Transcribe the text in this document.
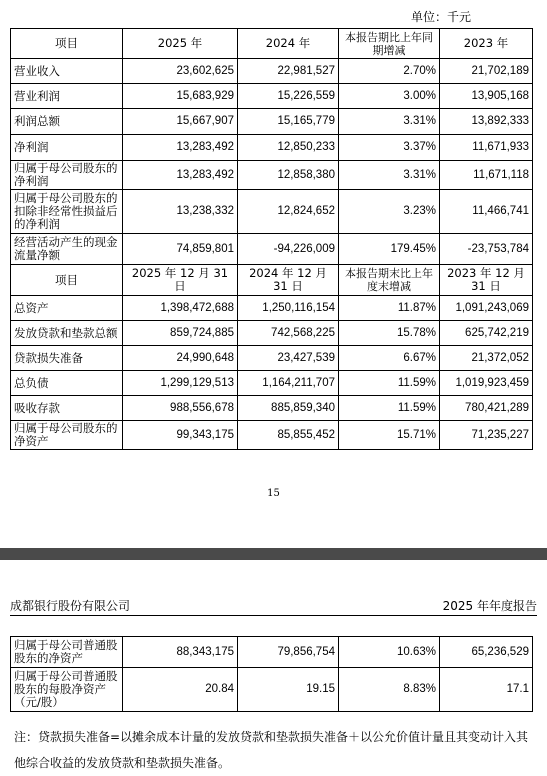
单位：千元
项目	2025 年	2024 年	本报告期比上年同期增减	2023 年
营业收入	23,602,625	22,981,527	2.70%	21,702,189
营业利润	15,683,929	15,226,559	3.00%	13,905,168
利润总额	15,667,907	15,165,779	3.31%	13,892,333
净利润	13,283,492	12,850,233	3.37%	11,671,933
归属于母公司股东的净利润	13,283,492	12,858,380	3.31%	11,671,118
归属于母公司股东的扣除非经常性损益后的净利润	13,238,332	12,824,652	3.23%	11,466,741
经营活动产生的现金流量净额	74,859,801	-94,226,009	179.45%	-23,753,784
项目	2025 年 12 月 31 日	2024 年 12 月 31 日	本报告期末比上年度末增减	2023 年 12 月 31 日
总资产	1,398,472,688	1,250,116,154	11.87%	1,091,243,069
发放贷款和垫款总额	859,724,885	742,568,225	15.78%	625,742,219
贷款损失准备	24,990,648	23,427,539	6.67%	21,372,052
总负债	1,299,129,513	1,164,211,707	11.59%	1,019,923,459
吸收存款	988,556,678	885,859,340	11.59%	780,421,289
归属于母公司股东的净资产	99,343,175	85,855,452	15.71%	71,235,227
15
成都银行股份有限公司	2025 年年度报告
归属于母公司普通股股东的净资产	88,343,175	79,856,754	10.63%	65,236,529
归属于母公司普通股股东的每股净资产（元/股）	20.84	19.15	8.83%	17.1
注：贷款损失准备=以摊余成本计量的发放贷款和垫款损失准备＋以公允价值计量且其变动计入其他综合收益的发放贷款和垫款损失准备。
